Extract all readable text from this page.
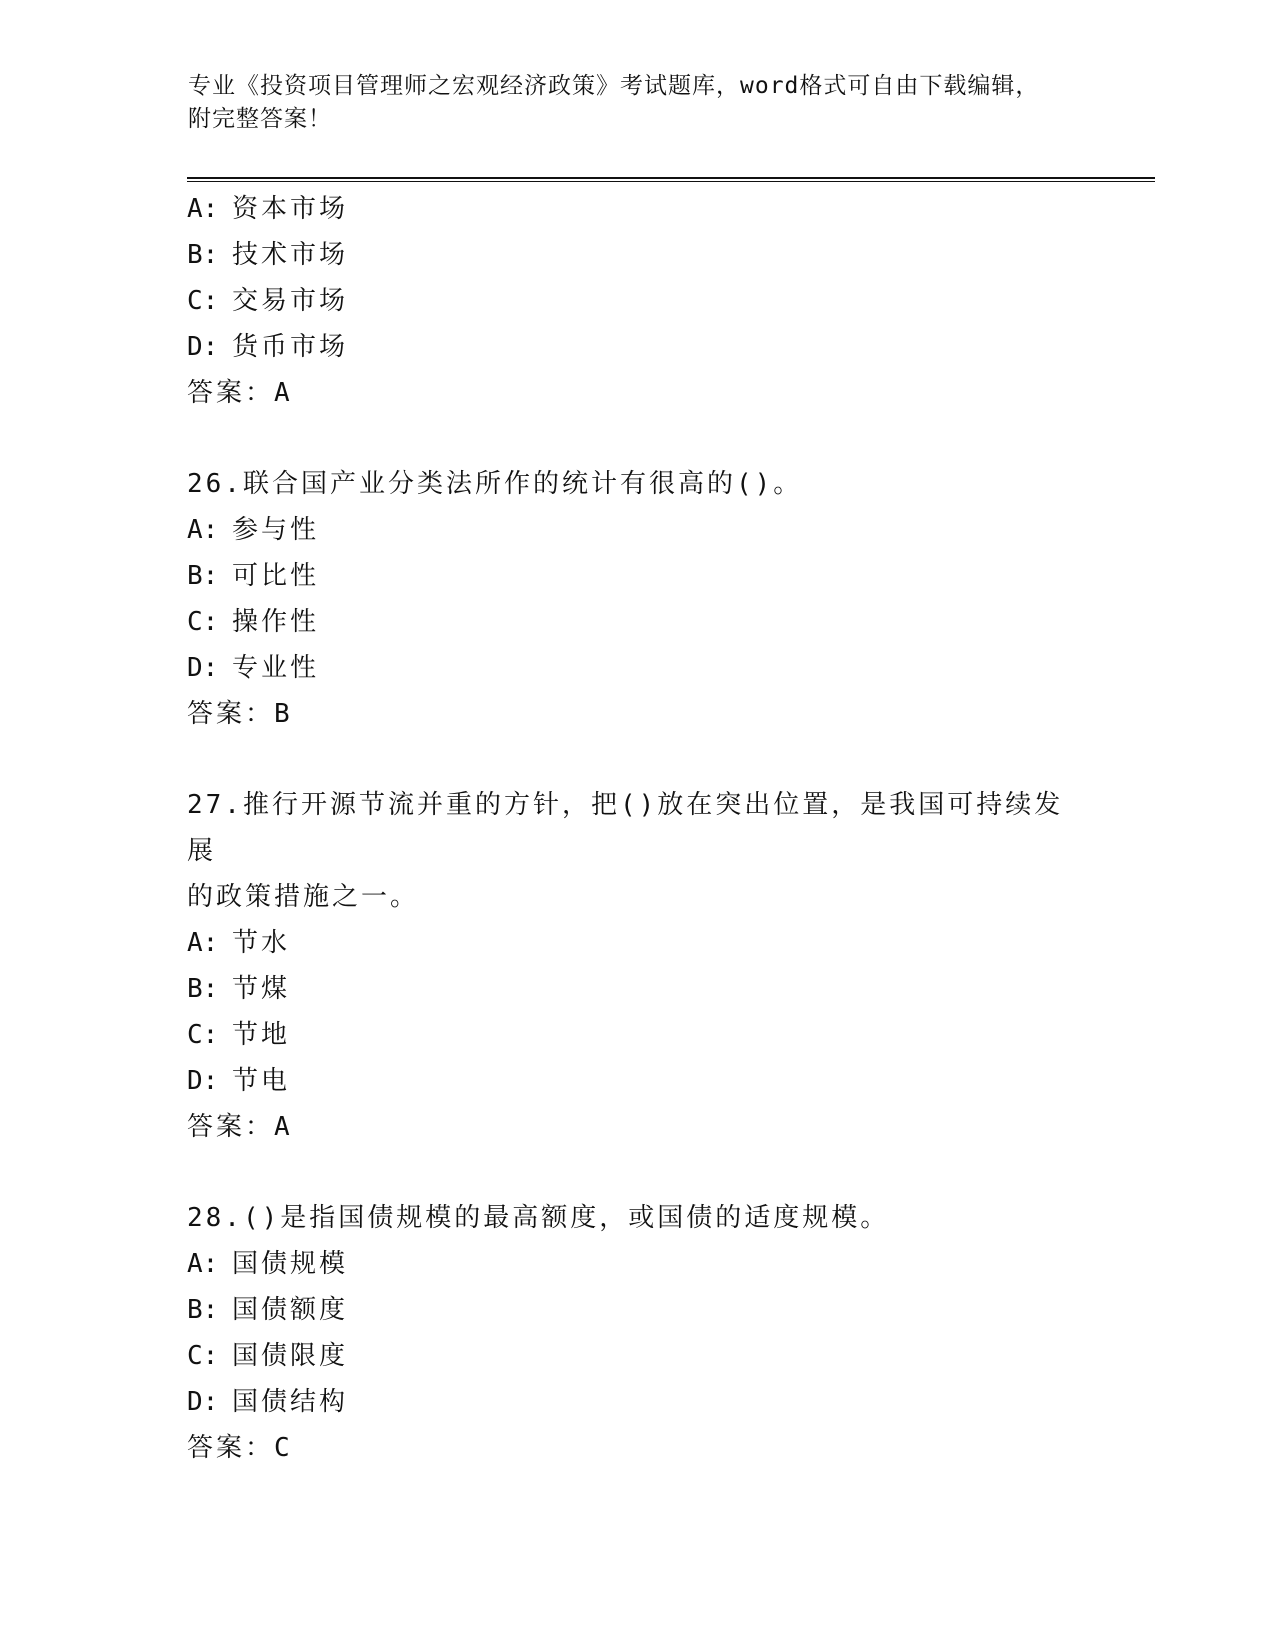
专业《投资项目管理师之宏观经济政策》考试题库，word格式可自由下载编辑，
附完整答案！
A: 资本市场
B: 技术市场
C: 交易市场
D: 货币市场
答案：A
26.联合国产业分类法所作的统计有很高的()。
A: 参与性
B: 可比性
C: 操作性
D: 专业性
答案：B
27.推行开源节流并重的方针，把()放在突出位置，是我国可持续发展
的政策措施之一。
A: 节水
B: 节煤
C: 节地
D: 节电
答案：A
28.()是指国债规模的最高额度，或国债的适度规模。
A: 国债规模
B: 国债额度
C: 国债限度
D: 国债结构
答案：C
